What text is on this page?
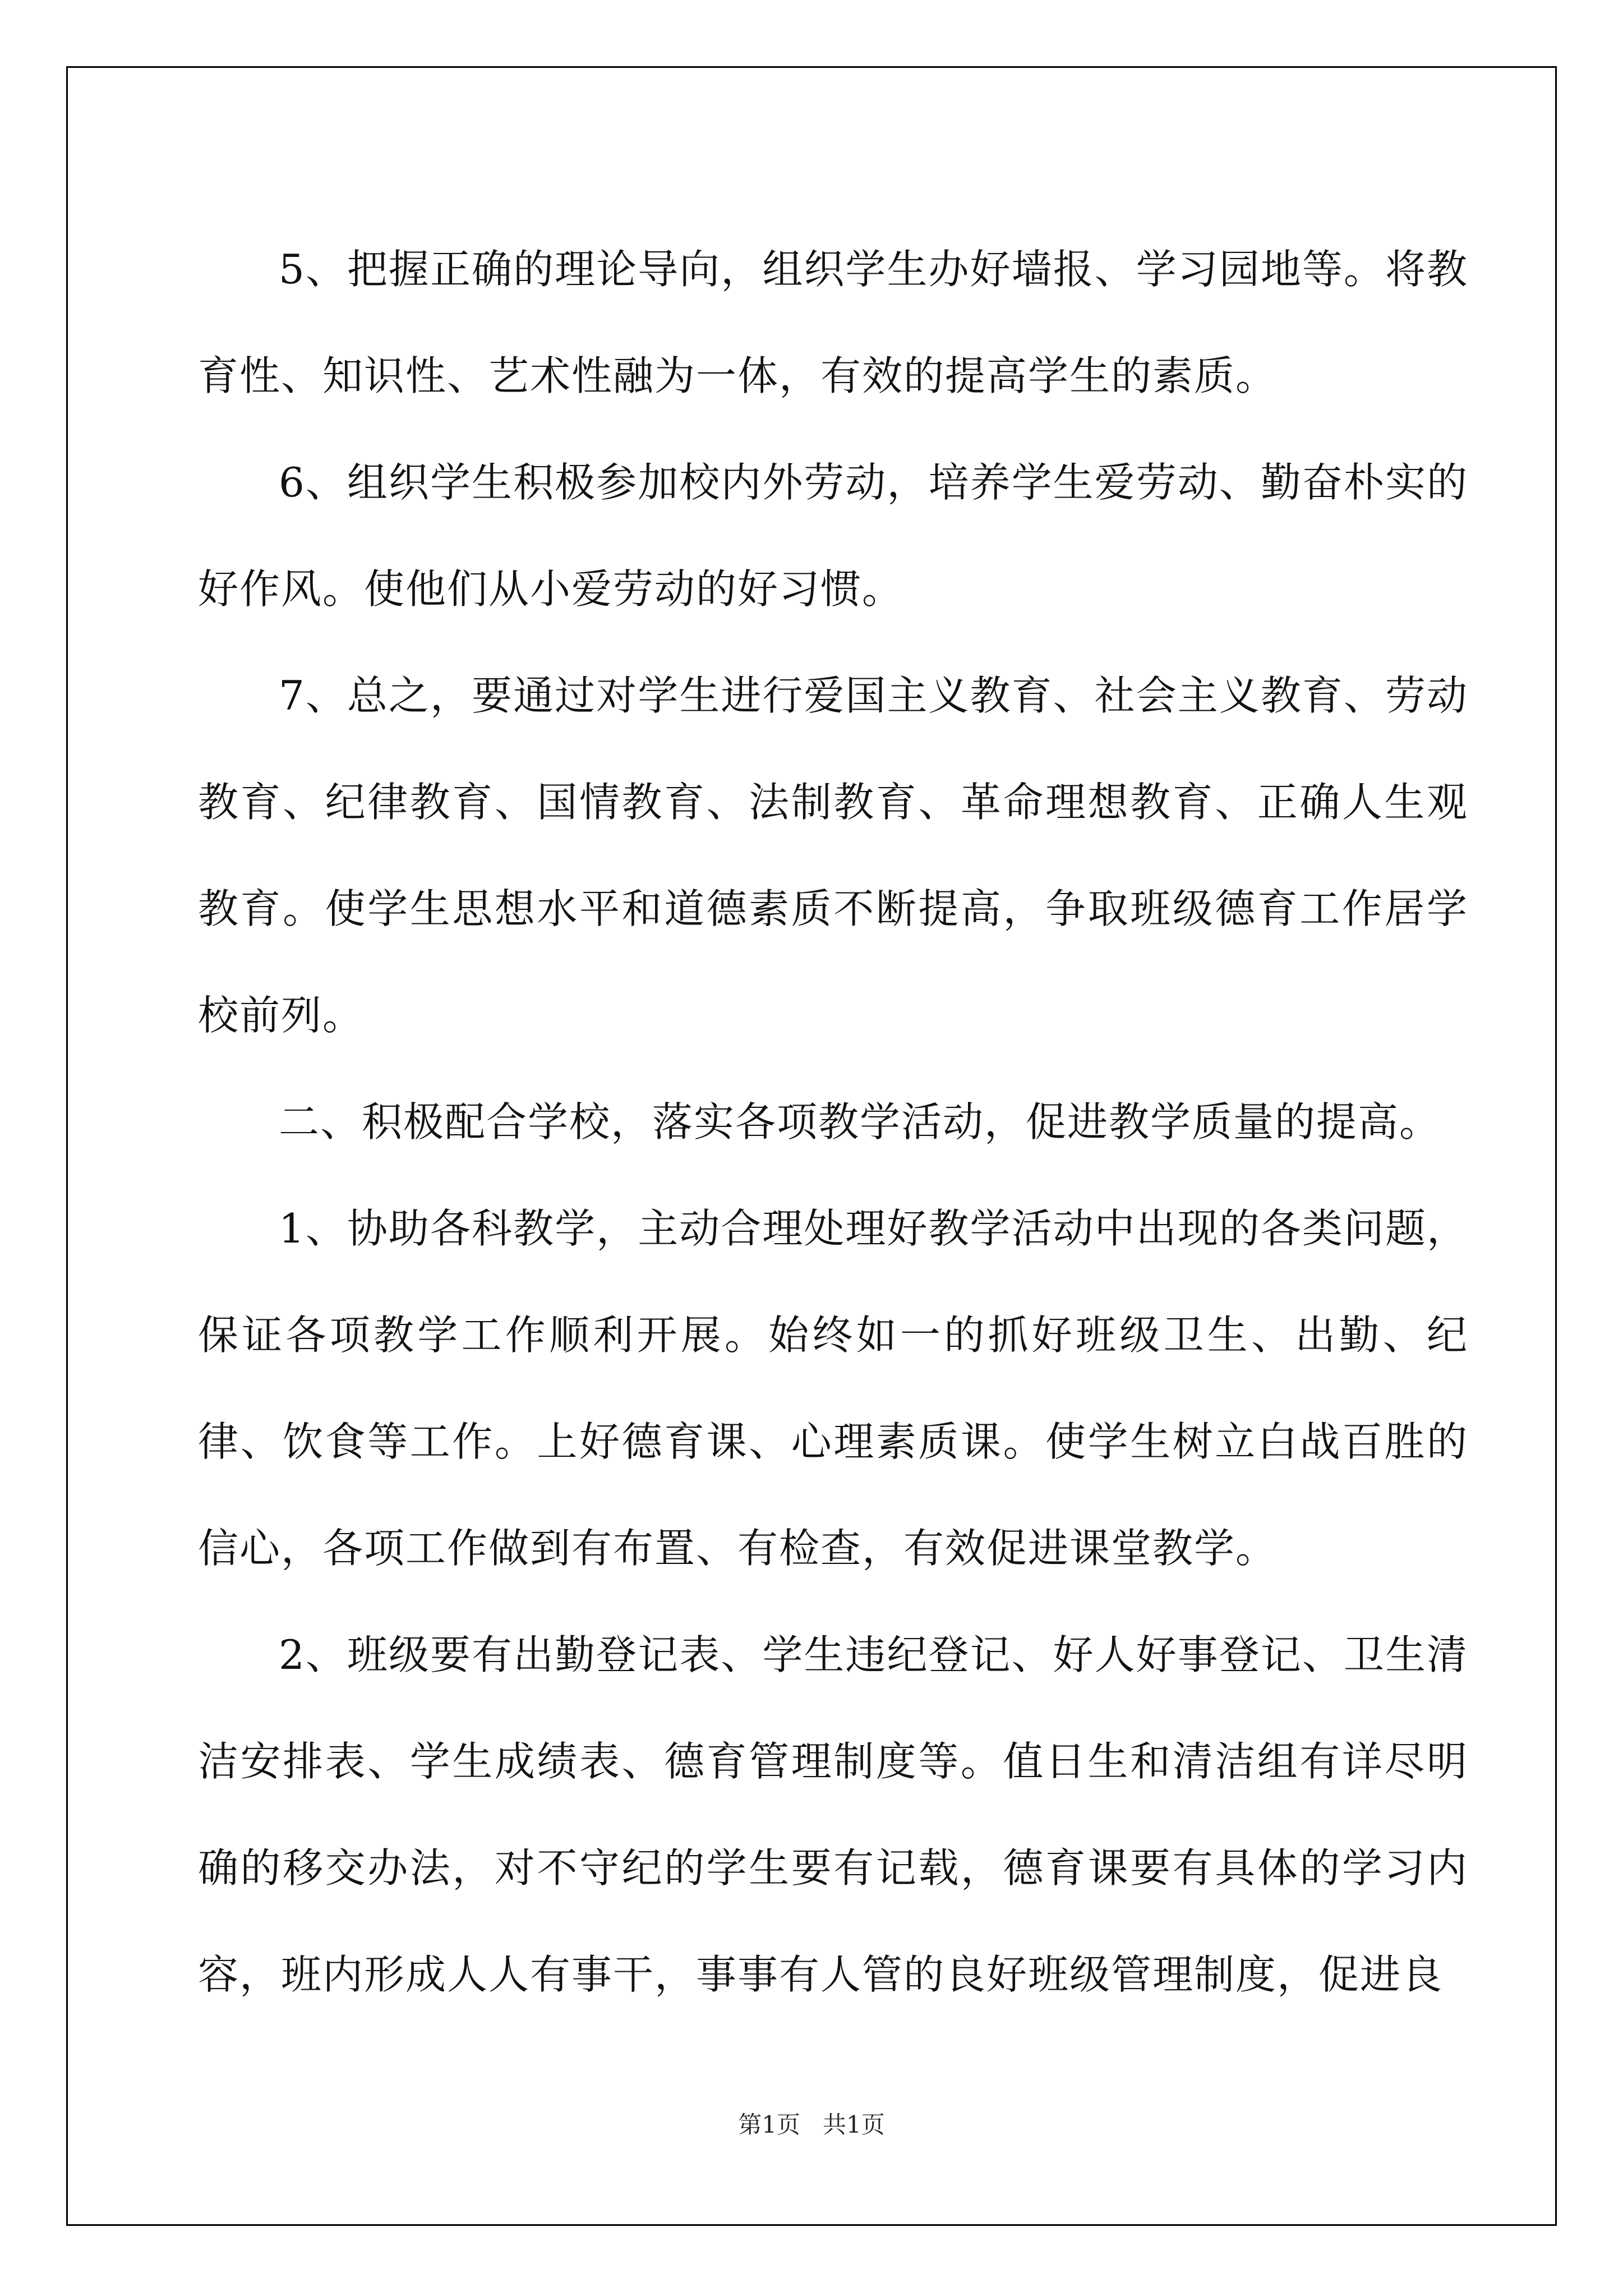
5、把握正确的理论导向，组织学生办好墙报、学习园地等。将教育性、知识性、艺术性融为一体，有效的提高学生的素质。

6、组织学生积极参加校内外劳动，培养学生爱劳动、勤奋朴实的好作风。使他们从小爱劳动的好习惯。

7、总之，要通过对学生进行爱国主义教育、社会主义教育、劳动教育、纪律教育、国情教育、法制教育、革命理想教育、正确人生观教育。使学生思想水平和道德素质不断提高，争取班级德育工作居学校前列。

二、积极配合学校，落实各项教学活动，促进教学质量的提高。

1、协助各科教学，主动合理处理好教学活动中出现的各类问题，保证各项教学工作顺利开展。始终如一的抓好班级卫生、出勤、纪律、饮食等工作。上好德育课、心理素质课。使学生树立白战百胜的信心，各项工作做到有布置、有检查，有效促进课堂教学。

2、班级要有出勤登记表、学生违纪登记、好人好事登记、卫生清洁安排表、学生成绩表、德育管理制度等。值日生和清洁组有详尽明确的移交办法，对不守纪的学生要有记载，德育课要有具体的学习内容，班内形成人人有事干，事事有人管的良好班级管理制度，促进良

第1页   共1页
